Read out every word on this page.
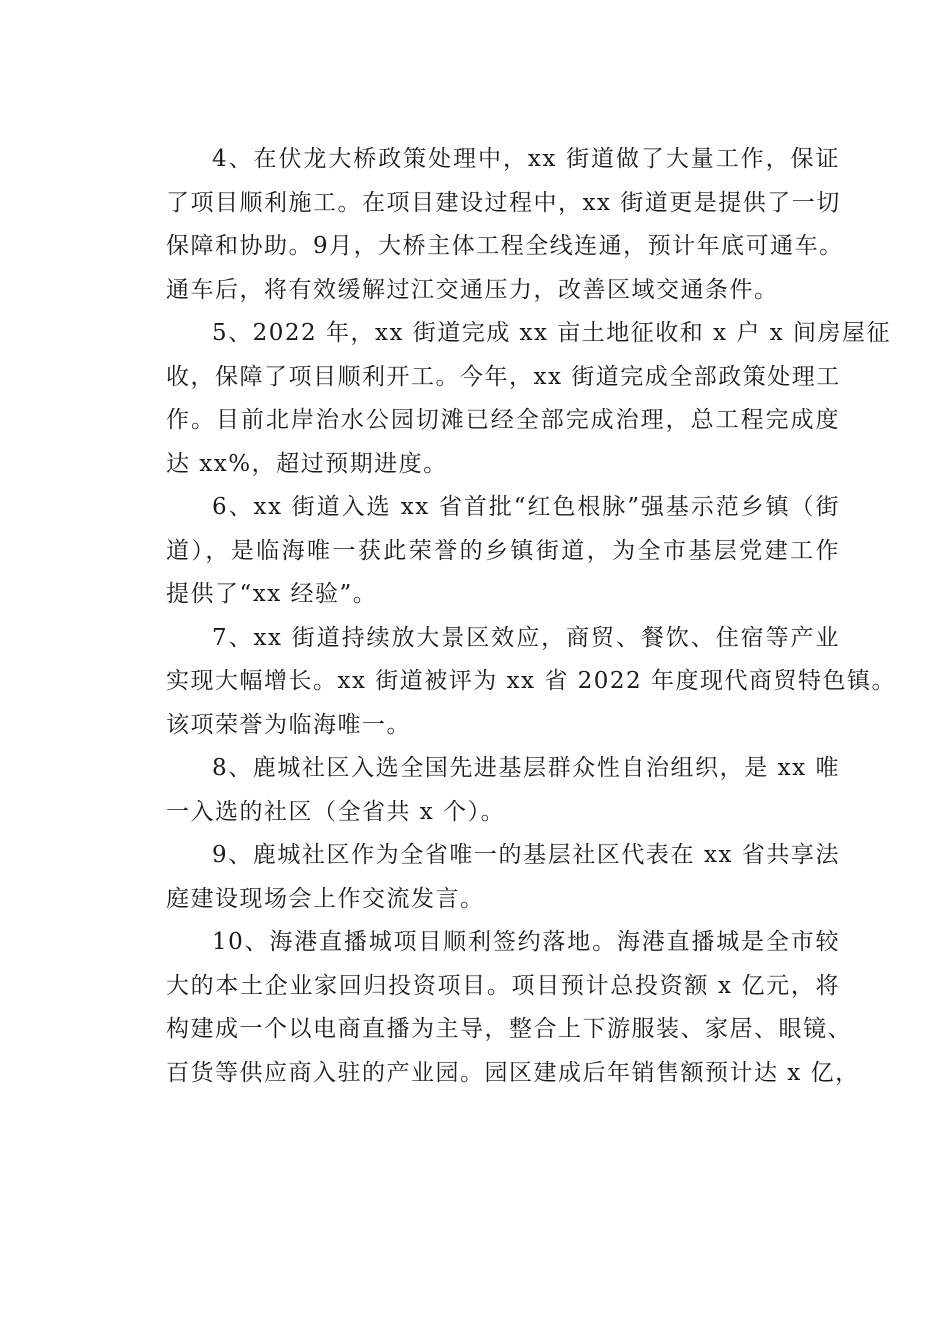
4、在伏龙大桥政策处理中，xx 街道做了大量工作，保证
了项目顺利施工。在项目建设过程中，xx 街道更是提供了一切
保障和协助。9月，大桥主体工程全线连通，预计年底可通车。
通车后，将有效缓解过江交通压力，改善区域交通条件。

5、2022 年，xx 街道完成 xx 亩土地征收和 x 户 x 间房屋征
收，保障了项目顺利开工。今年，xx 街道完成全部政策处理工
作。目前北岸治水公园切滩已经全部完成治理，总工程完成度
达 xx%，超过预期进度。

6、xx 街道入选 xx 省首批“红色根脉”强基示范乡镇（街
道），是临海唯一获此荣誉的乡镇街道，为全市基层党建工作
提供了“xx 经验”。

7、xx 街道持续放大景区效应，商贸、餐饮、住宿等产业
实现大幅增长。xx 街道被评为 xx 省 2022 年度现代商贸特色镇。
该项荣誉为临海唯一。

8、鹿城社区入选全国先进基层群众性自治组织，是 xx 唯
一入选的社区（全省共 x 个）。

9、鹿城社区作为全省唯一的基层社区代表在 xx 省共享法
庭建设现场会上作交流发言。

10、海港直播城项目顺利签约落地。海港直播城是全市较
大的本土企业家回归投资项目。项目预计总投资额 x 亿元，将
构建成一个以电商直播为主导，整合上下游服装、家居、眼镜、
百货等供应商入驻的产业园。园区建成后年销售额预计达 x 亿，
